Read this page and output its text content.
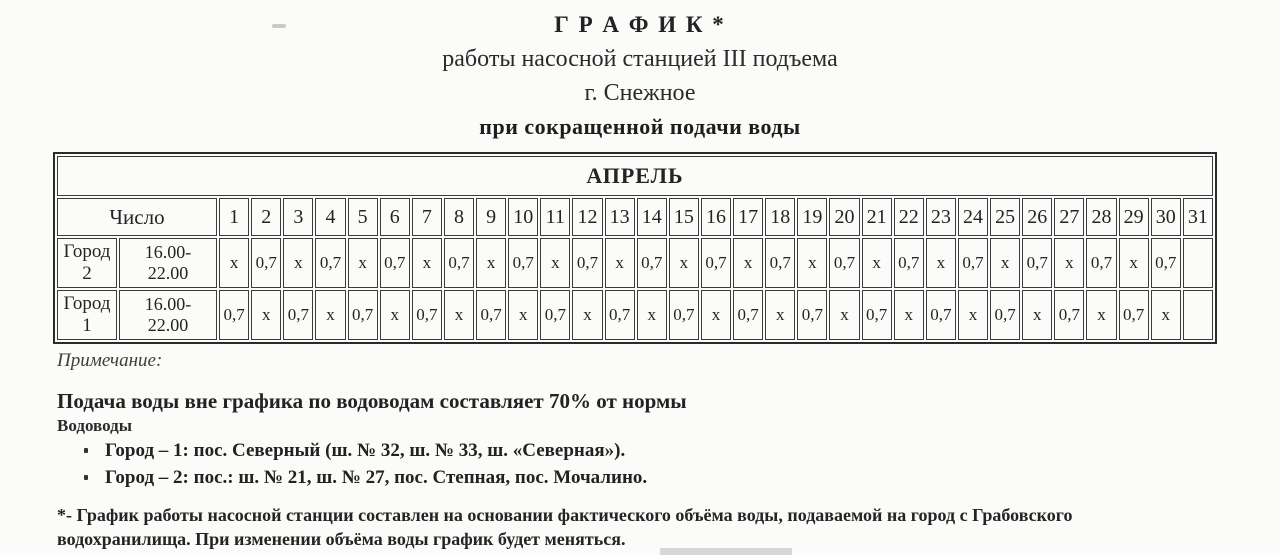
Г Р А Ф И К *
работы насосной станцией III подъема
г. Снежное
при сокращенной подачи воды
АПРЕЛЬ																																
Число		1	2	3	4	5	6	7	8	9	10	11	12	13	14	15	16	17	18	19	20	21	22	23	24	25	26	27	28	29	30	31
Город 2	16.00-22.00	х	0,7	х	0,7	х	0,7	х	0,7	х	0,7	х	0,7	х	0,7	х	0,7	х	0,7	х	0,7	х	0,7	х	0,7	х	0,7	х	0,7	х	0,7	
Город 1	16.00-22.00	0,7	х	0,7	х	0,7	х	0,7	х	0,7	х	0,7	х	0,7	х	0,7	х	0,7	х	0,7	х	0,7	х	0,7	х	0,7	х	0,7	х	0,7	х	
Примечание:
Подача воды вне графика по водоводам составляет 70% от нормы
Водоводы
Город – 1: пос. Северный (ш. № 32, ш. № 33, ш. «Северная»).
Город – 2: пос.: ш. № 21, ш. № 27, пос. Степная, пос. Мочалино.
*- График работы насосной станции составлен на основании фактического объёма воды, подаваемой на город с Грабовского водохранилища. При изменении объёма воды график будет меняться.
